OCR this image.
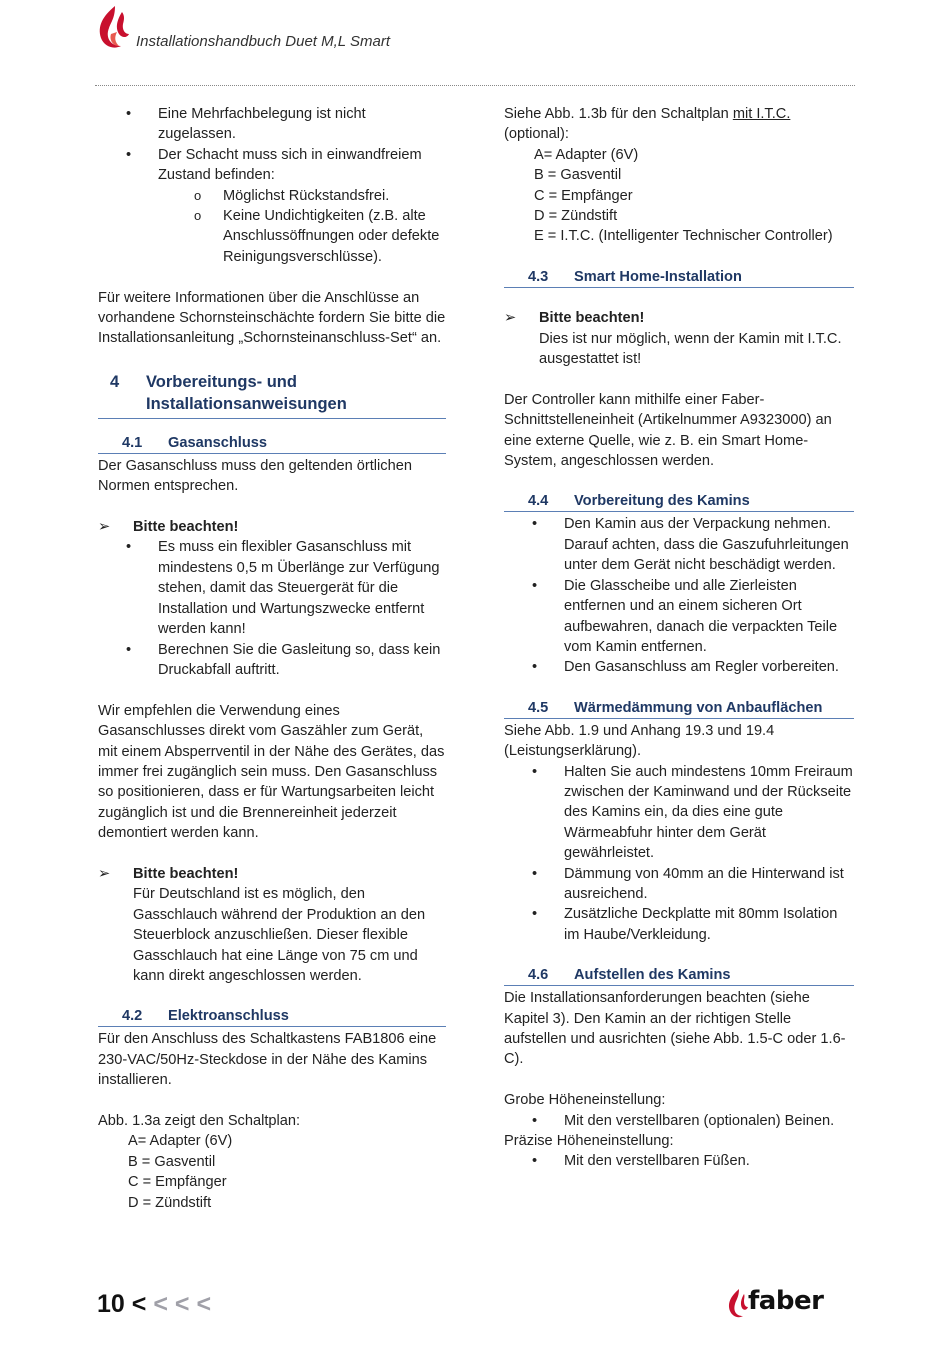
Installationshandbuch Duet M,L Smart
• Eine Mehrfachbelegung ist nicht zugelassen.
• Der Schacht muss sich in einwandfreiem Zustand befinden:
o Möglichst Rückstandsfrei.
o Keine Undichtigkeiten (z.B. alte Anschlussöffnungen oder defekte Reinigungsverschlüsse).

Für weitere Informationen über die Anschlüsse an vorhandene Schornsteinschächte fordern Sie bitte die Installationsanleitung „Schornsteinanschluss-Set“ an.

4	Vorbereitungs- und Installationsanweisungen
4.1	Gasanschluss

Der Gasanschluss muss den geltenden örtlichen Normen entsprechen.

➢ Bitte beachten!
• Es muss ein flexibler Gasanschluss mit mindestens 0,5 m Überlänge zur Verfügung stehen, damit das Steuergerät für die Installation und Wartungszwecke entfernt werden kann!
• Berechnen Sie die Gasleitung so, dass kein Druckabfall auftritt.

Wir empfehlen die Verwendung eines Gasanschlusses direkt vom Gaszähler zum Gerät, mit einem Absperrventil in der Nähe des Gerätes, das immer frei zugänglich sein muss. Den Gasanschluss so positionieren, dass er für Wartungsarbeiten leicht zugänglich ist und die Brennereinheit jederzeit demontiert werden kann.

➢ Bitte beachten!

Für Deutschland ist es möglich, den Gasschlauch während der Produktion an den Steuerblock anzuschließen. Dieser flexible Gasschlauch hat eine Länge von 75 cm und kann direkt angeschlossen werden.

4.2	Elektroanschluss

Für den Anschluss des Schaltkastens FAB1806 eine 230-VAC/50Hz-Steckdose in der Nähe des Kamins installieren.

Abb. 1.3a zeigt den Schaltplan:

A= Adapter (6V)

B = Gasventil

C = Empfänger

D = Zündstift

Siehe Abb. 1.3b für den Schaltplan mit I.T.C.
(optional):

A= Adapter (6V)

B = Gasventil

C = Empfänger

D = Zündstift

E = I.T.C. (Intelligenter Technischer Controller)

4.3	Smart Home-Installation
➢ Bitte beachten!

Dies ist nur möglich, wenn der Kamin mit I.T.C. ausgestattet ist!

Der Controller kann mithilfe einer Faber-Schnittstelleneinheit (Artikelnummer A9323000) an eine externe Quelle, wie z. B. ein Smart Home-System, angeschlossen werden.

4.4	Vorbereitung des Kamins
• Den Kamin aus der Verpackung nehmen. Darauf achten, dass die Gaszufuhrleitungen unter dem Gerät nicht beschädigt werden.
• Die Glasscheibe und alle Zierleisten entfernen und an einem sicheren Ort aufbewahren, danach die verpackten Teile vom Kamin entfernen.
• Den Gasanschluss am Regler vorbereiten.
4.5	Wärmedämmung von Anbauflächen

Siehe Abb. 1.9 und Anhang 19.3 und 19.4 (Leistungserklärung).

• Halten Sie auch mindestens 10mm Freiraum zwischen der Kaminwand und der Rückseite des Kamins ein, da dies eine gute Wärmeabfuhr hinter dem Gerät gewährleistet.
• Dämmung von 40mm an die Hinterwand ist ausreichend.
• Zusätzliche Deckplatte mit 80mm Isolation im Haube/Verkleidung.
4.6	Aufstellen des Kamins

Die Installationsanforderungen beachten (siehe Kapitel 3). Den Kamin an der richtigen Stelle aufstellen und ausrichten (siehe Abb. 1.5-C oder 1.6-C).

Grobe Höheneinstellung:

• Mit den verstellbaren (optionalen) Beinen.

Präzise Höheneinstellung:

• Mit den verstellbaren Füßen.
10 < < < <	faber
